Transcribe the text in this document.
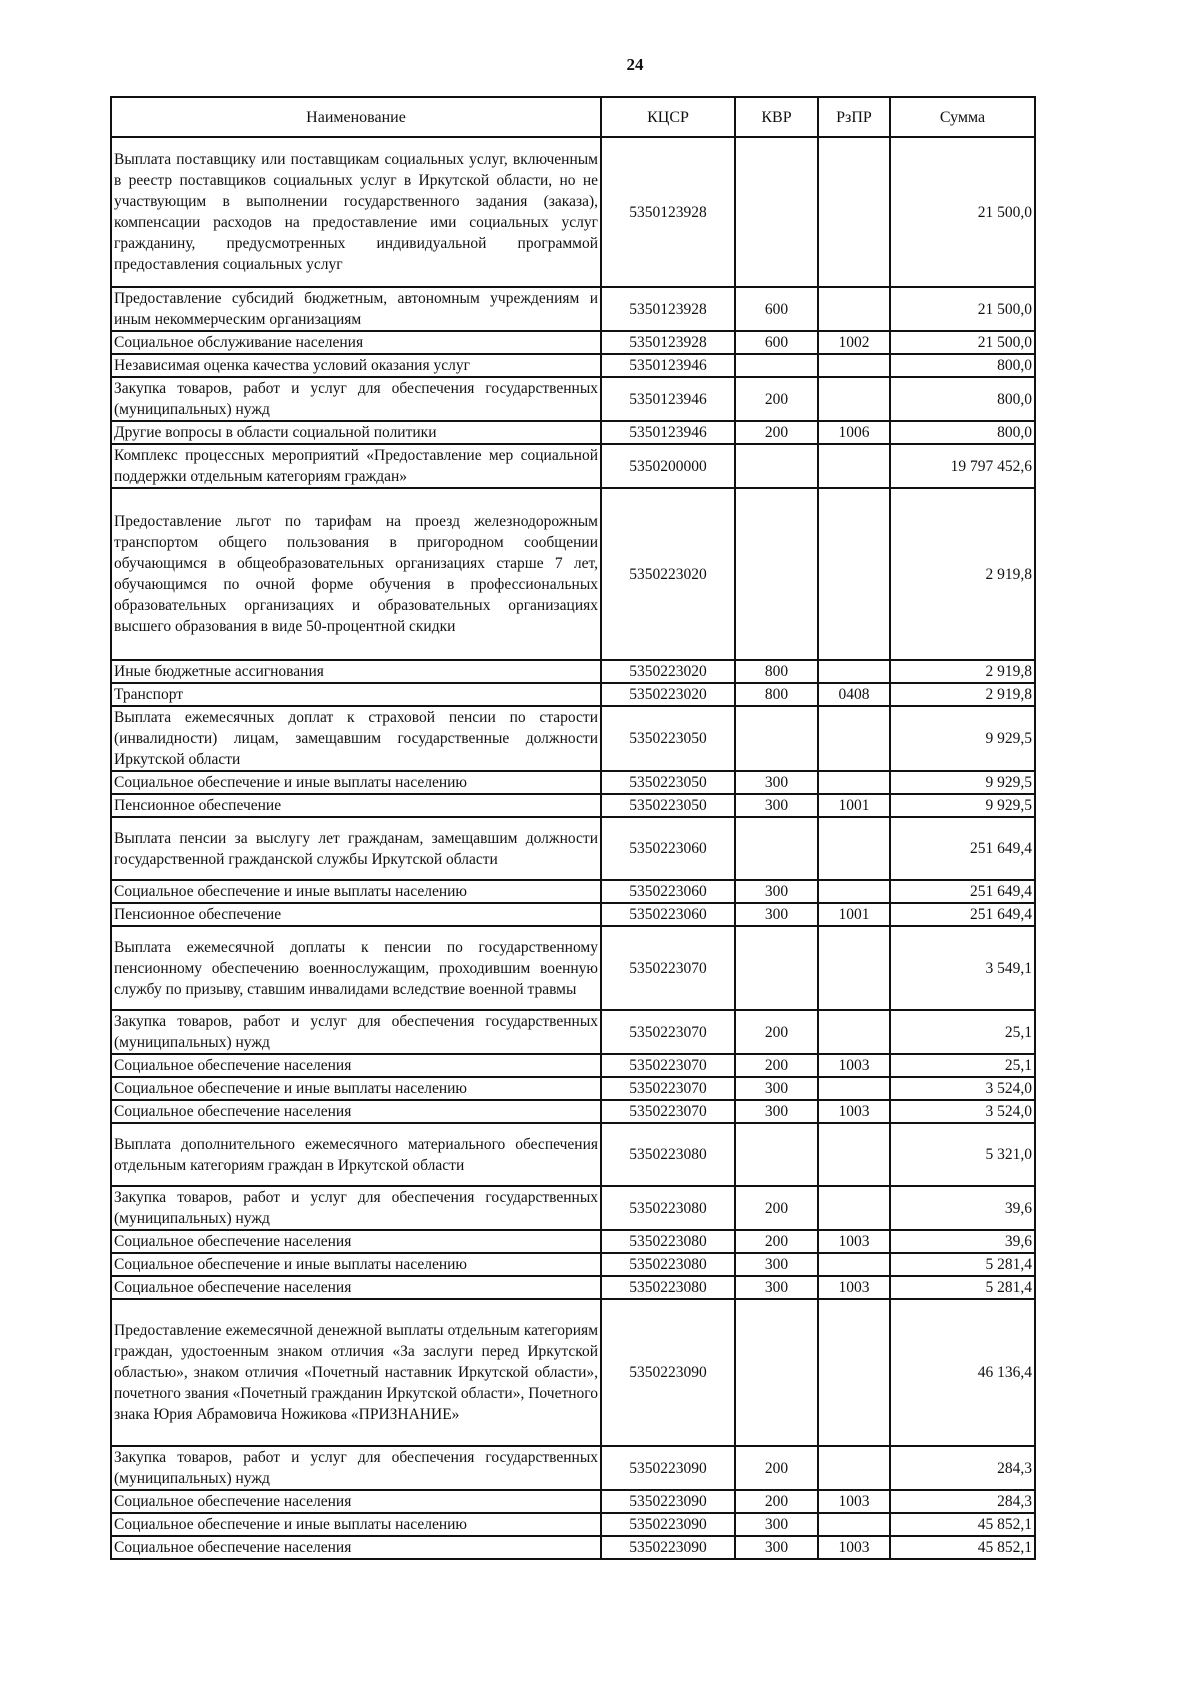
24
Наименование	КЦСР	КВР	РзПР	Сумма
Выплата поставщику или поставщикам социальных услуг, включенным в реестр поставщиков социальных услуг в Иркутской области, но не участвующим в выполнении государственного задания (заказа), компенсации расходов на предоставление ими социальных услуг гражданину, предусмотренных индивидуальной программой предоставления социальных услуг	5350123928			21 500,0
Предоставление субсидий бюджетным, автономным учреждениям и иным некоммерческим организациям	5350123928	600		21 500,0
Социальное обслуживание населения	5350123928	600	1002	21 500,0
Независимая оценка качества условий оказания услуг	5350123946			800,0
Закупка товаров, работ и услуг для обеспечения государственных (муниципальных) нужд	5350123946	200		800,0
Другие вопросы в области социальной политики	5350123946	200	1006	800,0
Комплекс процессных мероприятий «Предоставление мер социальной поддержки отдельным категориям граждан»	5350200000			19 797 452,6
Предоставление льгот по тарифам на проезд железнодорожным транспортом общего пользования в пригородном сообщении обучающимся в общеобразовательных организациях старше 7 лет, обучающимся по очной форме обучения в профессиональных образовательных организациях и образовательных организациях высшего образования в виде 50-процентной скидки	5350223020			2 919,8
Иные бюджетные ассигнования	5350223020	800		2 919,8
Транспорт	5350223020	800	0408	2 919,8
Выплата ежемесячных доплат к страховой пенсии по старости (инвалидности) лицам, замещавшим государственные должности Иркутской области	5350223050			9 929,5
Социальное обеспечение и иные выплаты населению	5350223050	300		9 929,5
Пенсионное обеспечение	5350223050	300	1001	9 929,5
Выплата пенсии за выслугу лет гражданам, замещавшим должности государственной гражданской службы Иркутской области	5350223060			251 649,4
Социальное обеспечение и иные выплаты населению	5350223060	300		251 649,4
Пенсионное обеспечение	5350223060	300	1001	251 649,4
Выплата ежемесячной доплаты к пенсии по государственному пенсионному обеспечению военнослужащим, проходившим военную службу по призыву, ставшим инвалидами вследствие военной травмы	5350223070			3 549,1
Закупка товаров, работ и услуг для обеспечения государственных (муниципальных) нужд	5350223070	200		25,1
Социальное обеспечение населения	5350223070	200	1003	25,1
Социальное обеспечение и иные выплаты населению	5350223070	300		3 524,0
Социальное обеспечение населения	5350223070	300	1003	3 524,0
Выплата дополнительного ежемесячного материального обеспечения отдельным категориям граждан в Иркутской области	5350223080			5 321,0
Закупка товаров, работ и услуг для обеспечения государственных (муниципальных) нужд	5350223080	200		39,6
Социальное обеспечение населения	5350223080	200	1003	39,6
Социальное обеспечение и иные выплаты населению	5350223080	300		5 281,4
Социальное обеспечение населения	5350223080	300	1003	5 281,4
Предоставление ежемесячной денежной выплаты отдельным категориям граждан, удостоенным знаком отличия «За заслуги перед Иркутской областью», знаком отличия «Почетный наставник Иркутской области», почетного звания «Почетный гражданин Иркутской области», Почетного знака Юрия Абрамовича Ножикова «ПРИЗНАНИЕ»	5350223090			46 136,4
Закупка товаров, работ и услуг для обеспечения государственных (муниципальных) нужд	5350223090	200		284,3
Социальное обеспечение населения	5350223090	200	1003	284,3
Социальное обеспечение и иные выплаты населению	5350223090	300		45 852,1
Социальное обеспечение населения	5350223090	300	1003	45 852,1
